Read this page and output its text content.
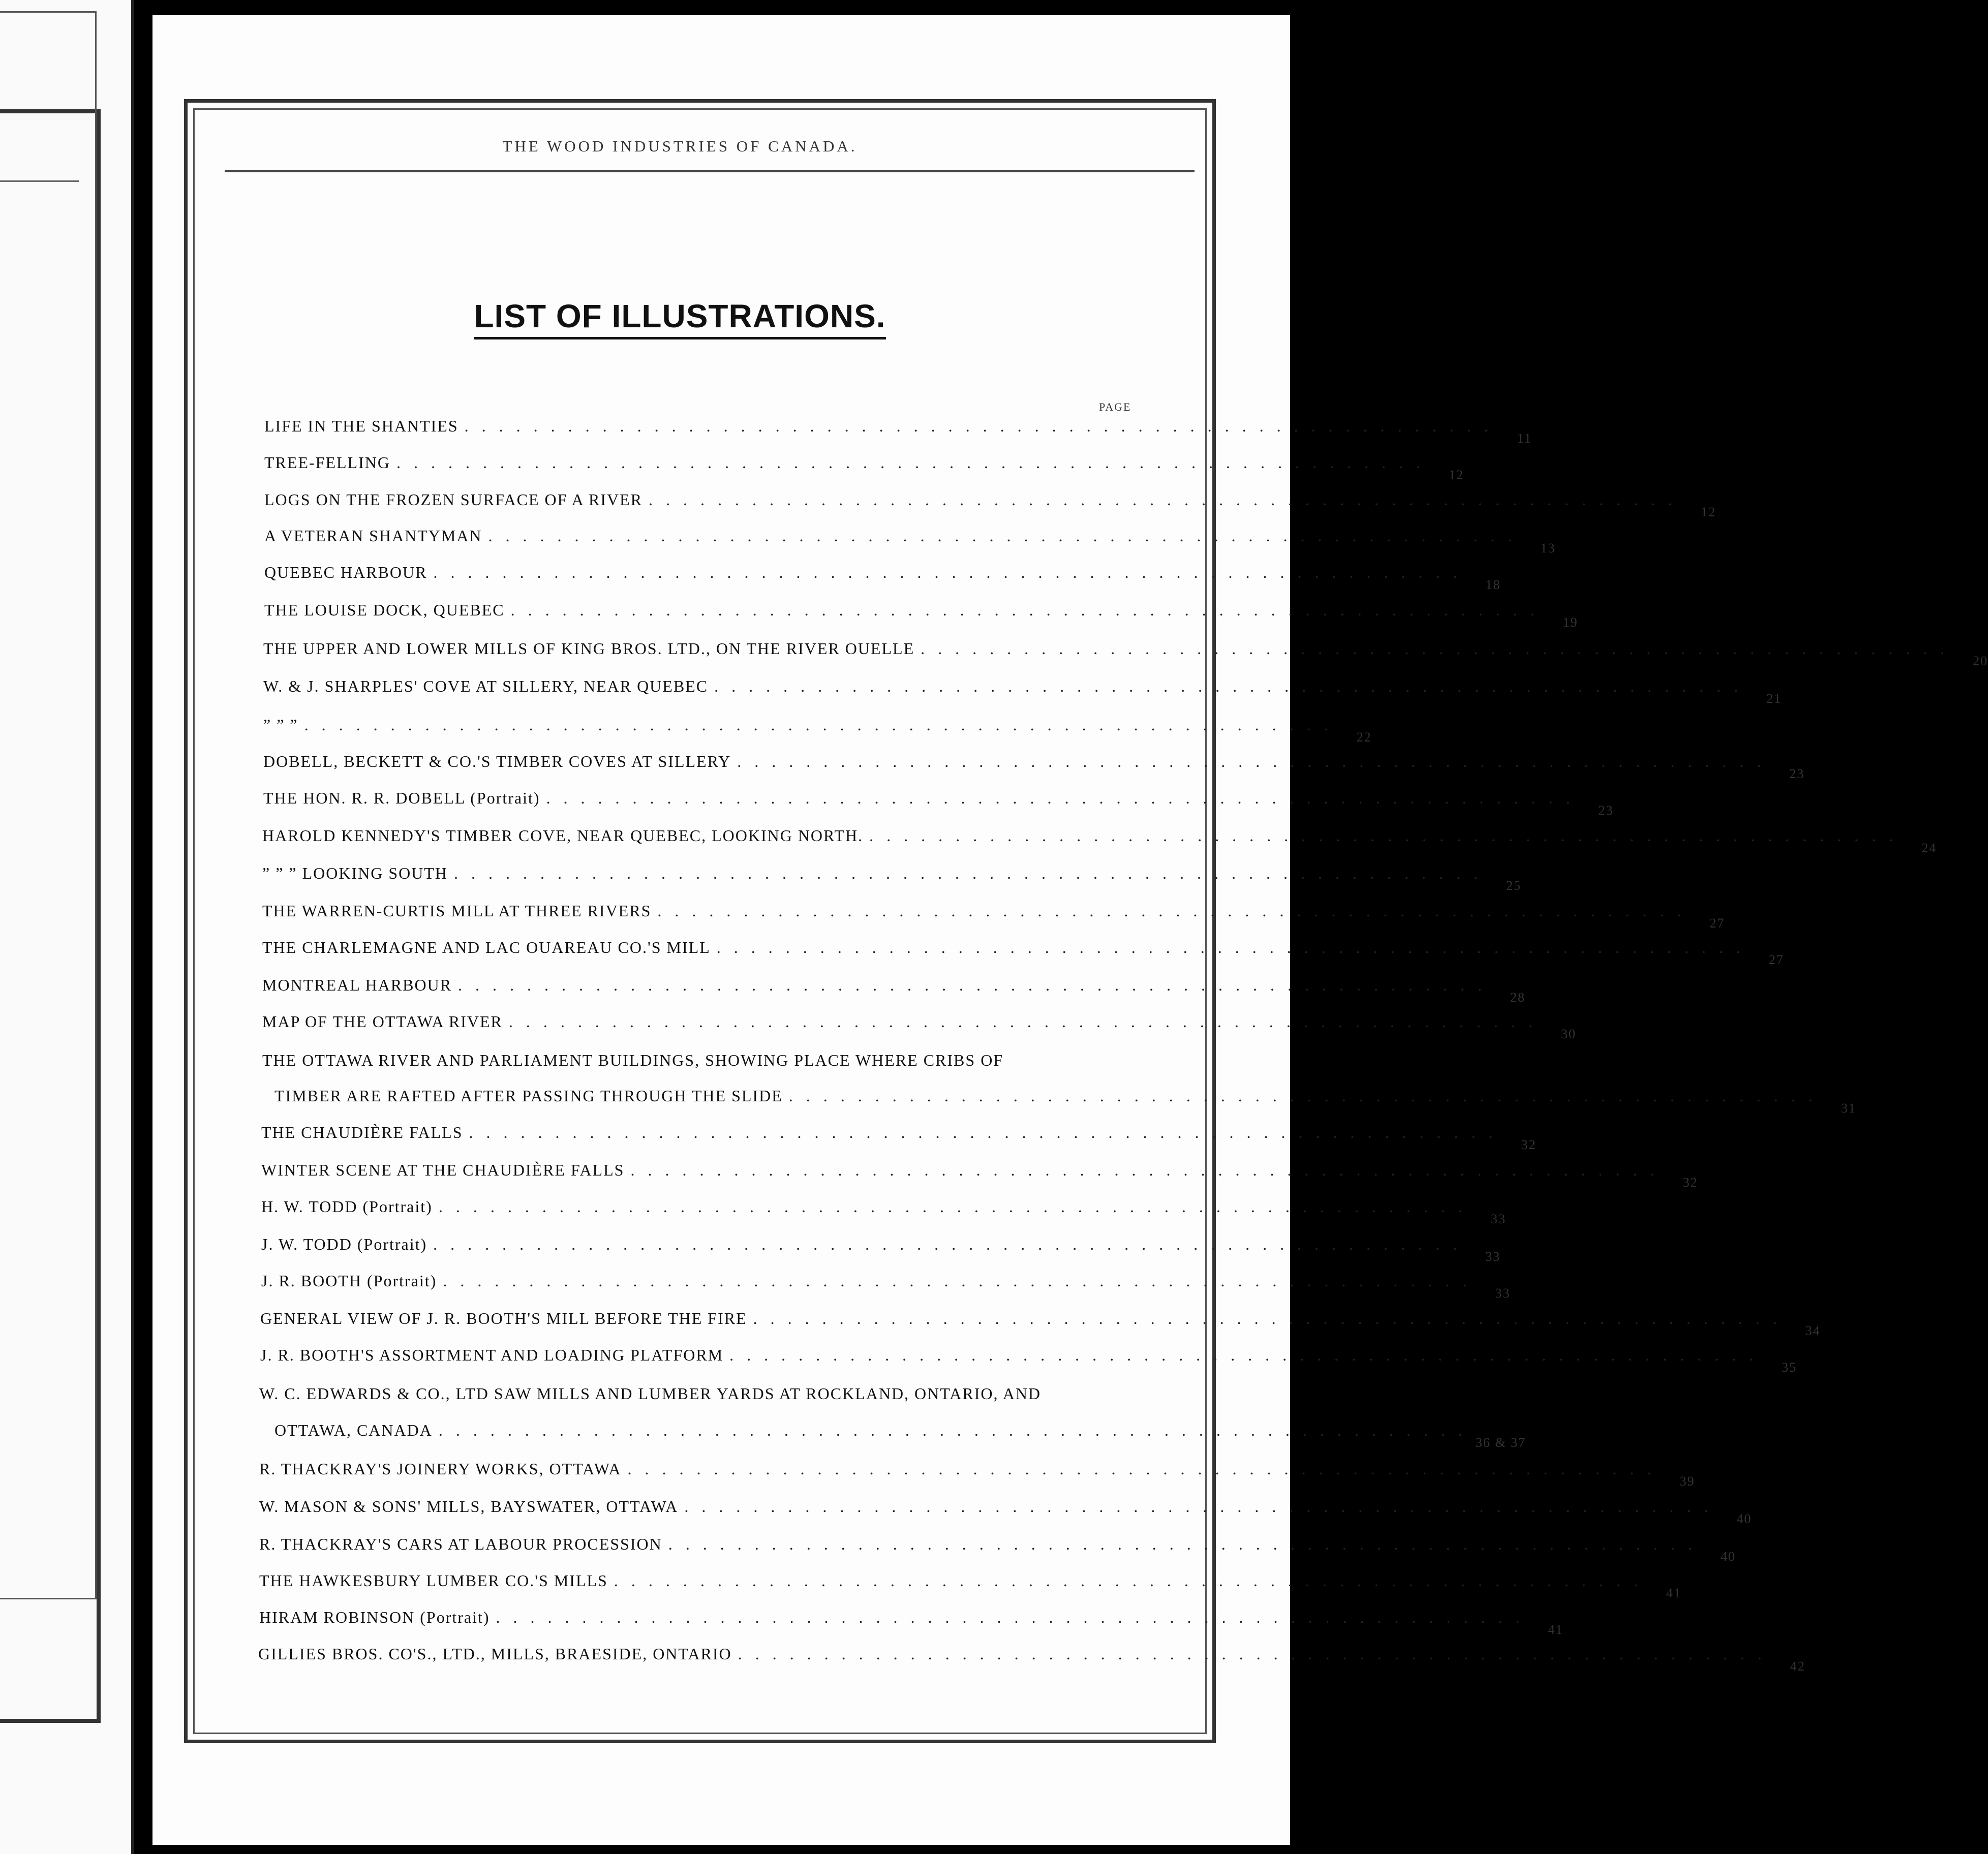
THE WOOD INDUSTRIES OF CANADA.
LIST OF ILLUSTRATIONS.
PAGE
LIFE IN THE SHANTIES ............................................................
11
TREE-FELLING ............................................................
12
LOGS ON THE FROZEN SURFACE OF A RIVER ............................................................
12
A VETERAN SHANTYMAN ............................................................
13
QUEBEC HARBOUR ............................................................
18
THE LOUISE DOCK, QUEBEC ............................................................
19
THE UPPER AND LOWER MILLS OF KING BROS. LTD., ON THE RIVER OUELLE ............................................................
20
W. & J. SHARPLES' COVE AT SILLERY, NEAR QUEBEC ............................................................
21
” ” ” ............................................................
22
DOBELL, BECKETT & CO.'S TIMBER COVES AT SILLERY ............................................................
23
THE HON. R. R. DOBELL (Portrait) ............................................................
23
HAROLD KENNEDY'S TIMBER COVE, NEAR QUEBEC, LOOKING NORTH. ............................................................
24
” ” ” LOOKING SOUTH ............................................................
25
THE WARREN-CURTIS MILL AT THREE RIVERS ............................................................
27
THE CHARLEMAGNE AND LAC OUAREAU CO.'S MILL ............................................................
27
MONTREAL HARBOUR ............................................................
28
MAP OF THE OTTAWA RIVER ............................................................
30
THE OTTAWA RIVER AND PARLIAMENT BUILDINGS, SHOWING PLACE WHERE CRIBS OF
TIMBER ARE RAFTED AFTER PASSING THROUGH THE SLIDE ............................................................
31
THE CHAUDIÈRE FALLS ............................................................
32
WINTER SCENE AT THE CHAUDIÈRE FALLS ............................................................
32
H. W. TODD (Portrait) ............................................................
33
J. W. TODD (Portrait) ............................................................
33
J. R. BOOTH (Portrait) ............................................................
33
GENERAL VIEW OF J. R. BOOTH'S MILL BEFORE THE FIRE ............................................................
34
J. R. BOOTH'S ASSORTMENT AND LOADING PLATFORM ............................................................
35
W. C. EDWARDS & CO., LTD SAW MILLS AND LUMBER YARDS AT ROCKLAND, ONTARIO, AND
OTTAWA, CANADA ............................................................
36 & 37
R. THACKRAY'S JOINERY WORKS, OTTAWA ............................................................
39
W. MASON & SONS' MILLS, BAYSWATER, OTTAWA ............................................................
40
R. THACKRAY'S CARS AT LABOUR PROCESSION ............................................................
40
THE HAWKESBURY LUMBER CO.'S MILLS ............................................................
41
HIRAM ROBINSON (Portrait) ............................................................
41
GILLIES BROS. CO'S., LTD., MILLS, BRAESIDE, ONTARIO ............................................................
42
